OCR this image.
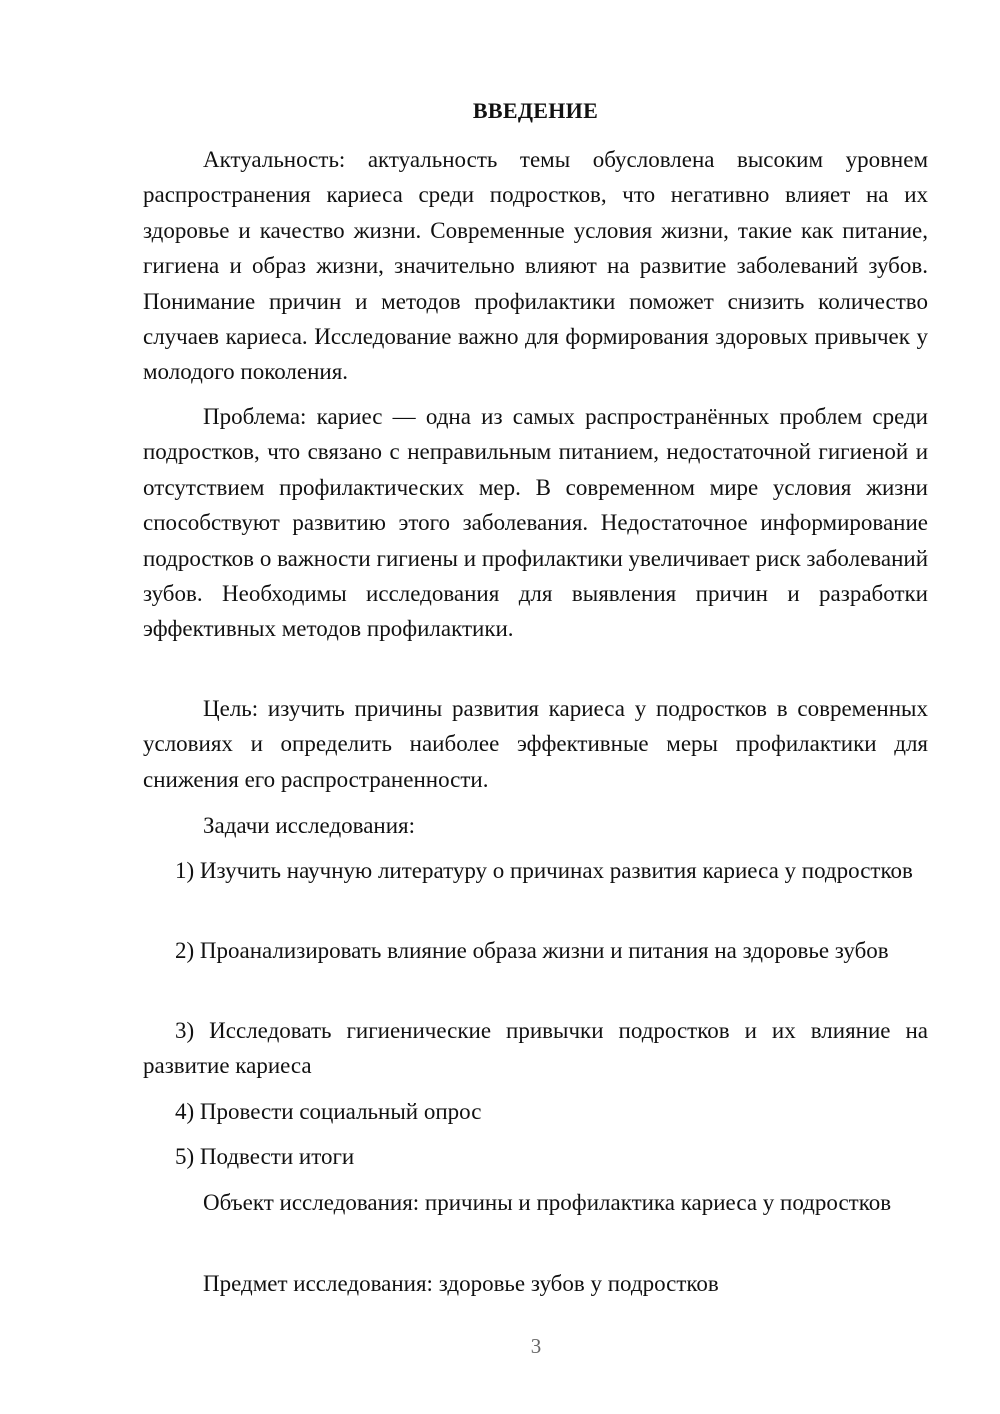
ВВЕДЕНИЕ

Актуальность: актуальность темы обусловлена высоким уровнем распространения кариеса среди подростков, что негативно влияет на их здоровье и качество жизни. Современные условия жизни, такие как питание, гигиена и образ жизни, значительно влияют на развитие заболеваний зубов. Понимание причин и методов профилактики поможет снизить количество случаев кариеса. Исследование важно для формирования здоровых привычек у молодого поколения.

Проблема: кариес — одна из самых распространённых проблем среди подростков, что связано с неправильным питанием, недостаточной гигиеной и отсутствием профилактических мер. В современном мире условия жизни способствуют развитию этого заболевания. Недостаточное информирование подростков о важности гигиены и профилактики увеличивает риск заболеваний зубов. Необходимы исследования для выявления причин и разработки эффективных методов профилактики.

Цель: изучить причины развития кариеса у подростков в современных условиях и определить наиболее эффективные меры профилактики для снижения его распространенности.

Задачи исследования:

1) Изучить научную литературу о причинах развития кариеса у подростков

2) Проанализировать влияние образа жизни и питания на здоровье зубов

3) Исследовать гигиенические привычки подростков и их влияние на развитие кариеса

4) Провести социальный опрос

5) Подвести итоги

Объект исследования: причины и профилактика кариеса у подростков

Предмет исследования: здоровье зубов у подростков

3
